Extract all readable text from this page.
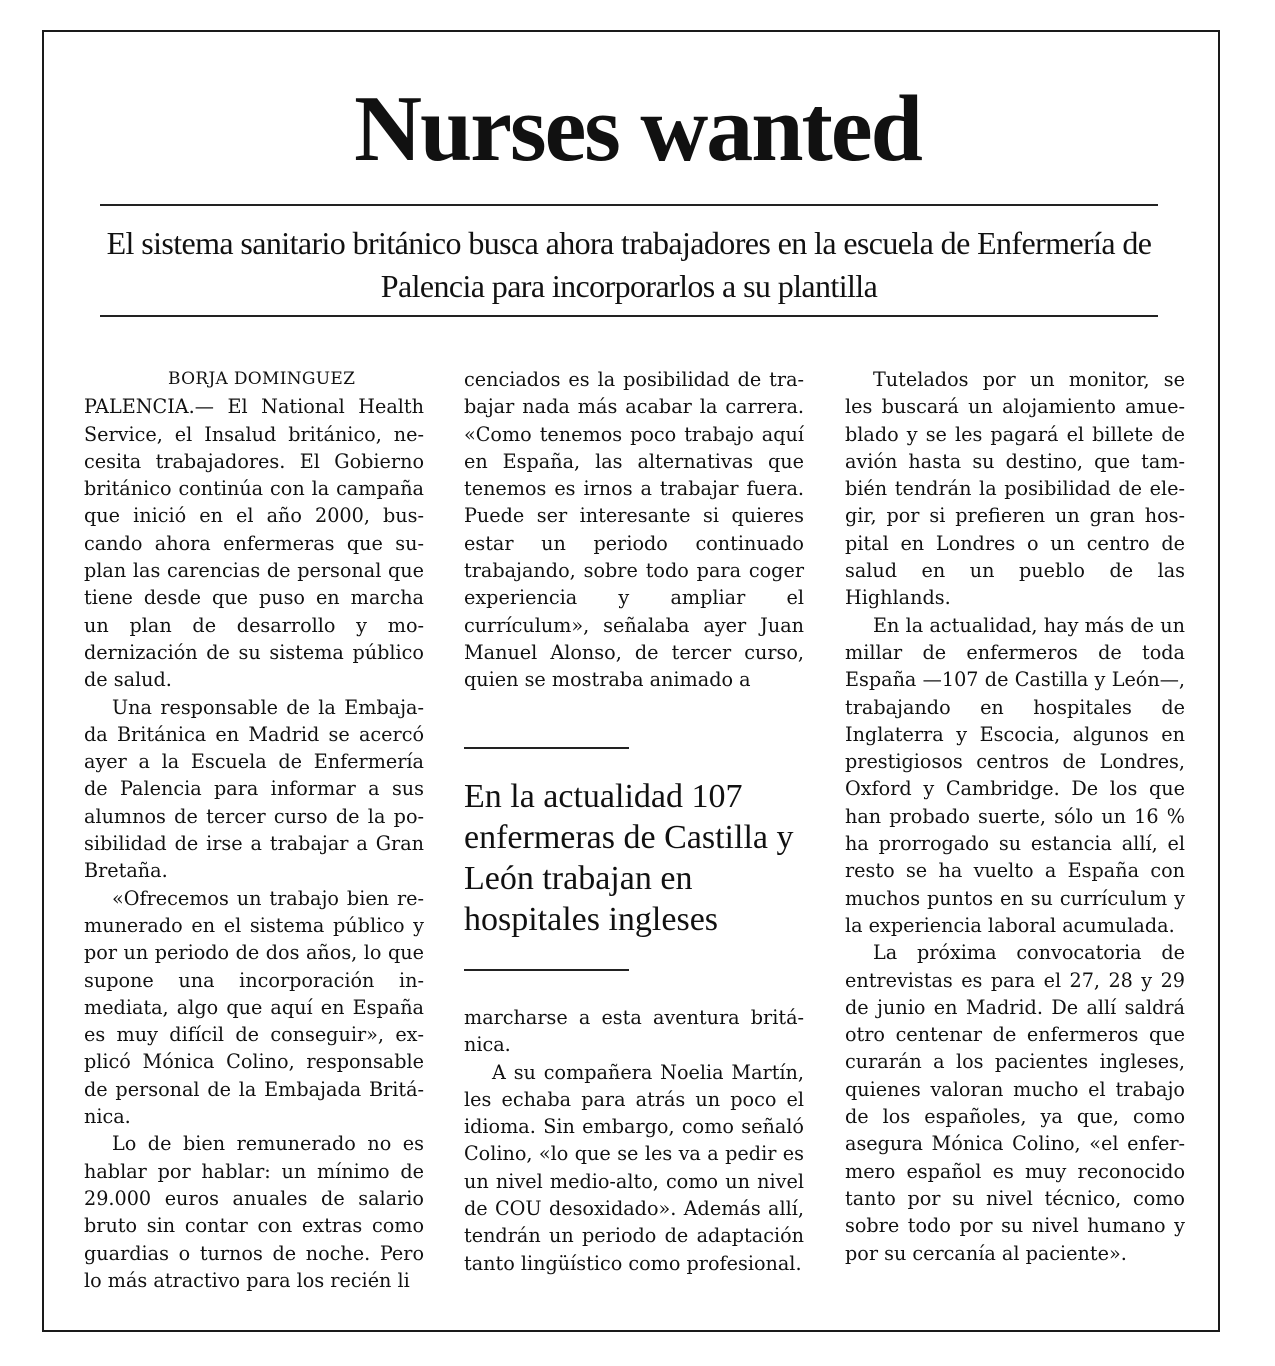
Nurses wanted
El sistema sanitario británico busca ahora trabajadores en la escuela de Enfermería de Palencia para incorporarlos a su plantilla
BORJA DOMINGUEZ

PALENCIA.— El National Health Service, el Insalud británico, necesita trabajadores. El Gobierno británico continúa con la campaña que inició en el año 2000, buscando ahora enfermeras que suplan las carencias de personal que tiene desde que puso en marcha un plan de desarrollo y modernización de su sistema público de salud.

Una responsable de la Embajada Británica en Madrid se acercó ayer a la Escuela de Enfermería de Palencia para informar a sus alumnos de tercer curso de la posibilidad de irse a trabajar a Gran Bretaña.

«Ofrecemos un trabajo bien remunerado en el sistema público y por un periodo de dos años, lo que supone una incorporación inmediata, algo que aquí en España es muy difícil de conseguir», explicó Mónica Colino, responsable de personal de la Embajada Británica.

Lo de bien remunerado no es hablar por hablar: un mínimo de 29.000 euros anuales de salario bruto sin contar con extras como guardias o turnos de noche. Pero lo más atractivo para los recién li

cenciados es la posibilidad de trabajar nada más acabar la carrera. «Como tenemos poco trabajo aquí en España, las alternativas que tenemos es irnos a trabajar fuera. Puede ser interesante si quieres estar un periodo continuado trabajando, sobre todo para coger experiencia y ampliar el currículum», señalaba ayer Juan Manuel Alonso, de tercer curso, quien se mostraba animado a

En la actualidad 107 enfermeras de Castilla y León trabajan en hospitales ingleses

marcharse a esta aventura británica.

A su compañera Noelia Martín, les echaba para atrás un poco el idioma. Sin embargo, como señaló Colino, «lo que se les va a pedir es un nivel medio-alto, como un nivel de COU desoxidado». Además allí, tendrán un periodo de adaptación tanto lingüístico como profesional.

Tutelados por un monitor, se les buscará un alojamiento amueblado y se les pagará el billete de avión hasta su destino, que también tendrán la posibilidad de elegir, por si prefieren un gran hospital en Londres o un centro de salud en un pueblo de las Highlands.

En la actualidad, hay más de un millar de enfermeros de toda España —107 de Castilla y León—, trabajando en hospitales de Inglaterra y Escocia, algunos en prestigiosos centros de Londres, Oxford y Cambridge. De los que han probado suerte, sólo un 16 % ha prorrogado su estancia allí, el resto se ha vuelto a España con muchos puntos en su currículum y la experiencia laboral acumulada.

La próxima convocatoria de entrevistas es para el 27, 28 y 29 de junio en Madrid. De allí saldrá otro centenar de enfermeros que curarán a los pacientes ingleses, quienes valoran mucho el trabajo de los españoles, ya que, como asegura Mónica Colino, «el enfermero español es muy reconocido tanto por su nivel técnico, como sobre todo por su nivel humano y por su cercanía al paciente».
